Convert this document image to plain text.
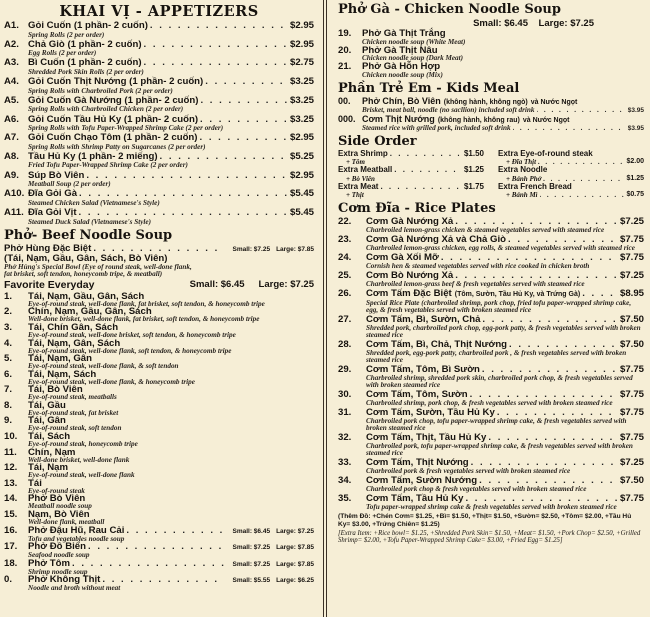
KHAI VỊ - APPETIZERS
A1. Gỏi Cuốn (1 phần- 2 cuốn) . . .	$2.95
Spring Rolls (2 per order)
A2. Chả Giò (1 phần- 2 cuốn) . . .	$2.95
Egg Rolls (2 per order)
A3. Bì Cuốn (1 phần- 2 cuốn) . . .	$2.75
Shredded Pork Skin Rolls (2 per order)
A4. Gỏi Cuốn Thịt Nướng (1 phần- 2 cuốn) . . .	$3.25
Spring Rolls with Charbroiled Pork (2 per order)
A5. Gỏi Cuốn Gà Nướng (1 phần- 2 cuốn) . . .	$3.25
Spring Rolls with Charbroiled Chicken (2 per order)
A6. Gỏi Cuốn Tầu Hủ Ky (1 phần- 2 cuốn) . . .	$3.25
Spring Rolls with Tofu Paper-Wrapped Shrimp Cake (2 per order)
A7. Gỏi Cuốn Chạo Tôm (1 phần- 2 cuốn) . . .	$2.95
Spring Rolls with Shrimp Patty on Sugarcanes (2 per order)
A8. Tầu Hủ Ky (1 phần- 2 miếng) . . .	$5.25
Fried Tofu Paper-Wrapped Shrimp Cake (2 per order)
A9. Súp Bò Viên . . .	$2.95
Meatball Soup (2 per order)
A10. Đĩa Gỏi Gà . . .	$5.45
Steamed Chicken Salad (Vietnamese's Style)
A11. Đĩa Gỏi Vịt . . .	$5.45
Steamed Duck Salad (Vietnamese's Style)
Phở- Beef Noodle Soup
Phở Hùng Đặc Biệt . . .	Small: $7.25 Large: $7.85
(Tái, Nạm, Gầu, Gân, Sách, Bò Viên)
Phở Hùng's Special Bowl (Eye of round steak, well-done flank,
fat brisket, soft tendon, honeycomb tripe, & meatball)
Favorite Everyday	Small: $6.45 Large: $7.25
1.	Tái, Nạm, Gầu, Gân, Sách
Eye-of-round steak, well-done flank, fat brisket, soft tendon, & honeycomb tripe
2.	Chín, Nạm, Gầu, Gân, Sách
Well-done brisket, well-done flank, fat brisket, soft tendon, & honeycomb tripe
3.	Tái, Chín Gân, Sách
Eye-of-round steak, well-done brisket, soft tendon, & honeycomb tripe
4.	Tái, Nạm, Gân, Sách
Eye-of-round steak, well-done flank, soft tendon, & honeycomb tripe
5.	Tái, Nạm, Gân
Eye-of-round steak, well-done flank, & soft tendon
6.	Tái, Nạm, Sách
Eye-of-round steak, well-done flank, & honeycomb tripe
7.	Tái, Bò Viên
Eye-of-round steak, meatballs
8.	Tái, Gầu
Eye-of-round steak, fat brisket
9.	Tái, Gân
Eye-of-round steak, soft tendon
10.	Tái, Sách
Eye-of-round steak, honeycomb tripe
11.	Chín, Nạm
Well-done brisket, well-done flank
12.	Tái, Nạm
Eye-of-round steak, well-done flank
13.	Tái
Eye-of-round steak
14.	Phở Bò Viên
Meatball noodle soup
15.	Nạm, Bò Viên
Well-done flank, meatball
16.	Phở Đậu Hũ, Rau Cải . . .	Small: $6.45 Large: $7.25
Tofu and vegetables noodle soup
17.	Phở Đồ Biển . . .	Small: $7.25 Large: $7.85
Seafood noodle soup
18.	Phở Tôm . . .	Small: $7.25 Large: $7.85
Shrimp noodle soup
0.	Phở Không Thịt . . .	Small: $5.55 Large: $6.25
Noodle and broth without meat
Phở Gà - Chicken Noodle Soup
Small: $6.45 Large: $7.25
19.	Phở Gà Thịt Trắng
Chicken noodle soup (White Meat)
20.	Phở Gà Thịt Nâu
Chicken noodle soup (Dark Meat)
21.	Phở Gà Hỗn Hợp
Chicken noodle soup (Mix)
Phần Trẻ Em - Kids Meal
00.	Phở Chín, Bò Viên (không hành, không ngò) và Nước Ngọt
Brisket, meat ball, noodle (no sacllion) included soft drink . . .	$3.95
000. Cơm Thịt Nướng (không hành, không rau) và Nước Ngọt
Steamed rice with grilled pork, included soft drink . . .	$3.95
Side Order
Extra Shrimp . . .	$1.50
+ Tôm
Extra Meatball . . .	$1.25
+ Bò Viên
Extra Meat . . .	$1.75
+ Thịt
Extra Eye-of-round steak
+ Đĩa Thịt . . .	$2.00
Extra Noodle
+ Bánh Phở . . .	$1.25
Extra French Bread
+ Bánh Mì . . .	$0.75
Cơm Đĩa - Rice Plates
22.	Cơm Gà Nướng Xả . . .	$7.25
Charbroiled lemon-grass chicken & steamed vegetables served with steamed rice
23.	Cơm Gà Nướng Xả và Chả Giò . . .	$7.75
Charbroiled lemon-grass chicken, egg rolls, & steamed vegetables served with steamed rice
24.	Cơm Gà Xối Mỡ . . .	$7.75
Cornish hen & steamed vegetables served with rice cooked in chicken broth
25.	Cơm Bò Nướng Xả . . .	$7.25
Charbroiled lemon-grass beef & fresh vegetables served with steamed rice
26.	Cơm Tấm Đặc Biệt (Tôm, Sườn, Tầu Hủ Ky, và Trứng Gà) . . .	$8.95
Special Rice Plate (charbroiled shrimp, pork chop, fried tofu paper-wrapped shrimp cake, egg, & fresh vegetables served with broken steamed rice
27.	Cơm Tấm, Bì, Sườn, Chả . . .	$7.50
Shredded pork, charbroiled pork chop, egg-pork patty, & fresh vegetables served with broken steamed rice
28.	Cơm Tấm, Bì, Chả, Thịt Nướng . . .	$7.50
Shredded pork, egg-pork patty, charbroiled pork , & fresh vegetables served with broken steamed rice
29.	Cơm Tấm, Tôm, Bì Sườn . . .	$7.75
Charbroiled shrimp, shredded pork skin, charbroiled pork chop, & fresh vegetables served with broken steamed rice
30.	Cơm Tấm, Tôm, Sườn . . .	$7.75
Charbroiled shrimp, pork chop, & fresh vegetables served with broken steamed rice
31.	Cơm Tấm, Sườn, Tầu Hủ Ky . . .	$7.75
Charbroiled pork chop, tofu paper-wrapped shrimp cake, & fresh vegetables served with broken steamed rice
32.	Cơm Tấm, Thịt, Tầu Hủ Ky . . .	$7.75
Charbroiled pork, tofu paper-wrapped shrimp cake, & fresh vegetables served with broken steamed rice
33.	Cơm Tấm, Thịt Nướng . . .	$7.25
Charbroiled pork & fresh vegetables served with broken steamed rice
34.	Cơm Tấm, Sườn Nướng . . .	$7.50
Charbroiled pork chop & fresh vegetables served with broken steamed rice
35.	Cơm Tấm, Tầu Hủ Ky . . .	$7.75
Tofu paper-wrapped shrimp cake & fresh vegetables served with broken steamed rice
(Thêm Đồ: +Chén Cơm= $1.25, +Bì= $1.50, +Thịt= $1.50, +Sườn= $2.50, +Tôm= $2.00, +Tầu Hủ Ky= $3.00, +Trứng Chiên= $1.25)
[Extra Item: +Rice bowl= $1.25, +Shredded Pork Skin= $1.50, +Meat= $1.50, +Pork Chop= $2.50, +Grilled Shrimp= $2.00, +Tofu Paper-Wrapped Shrimp Cake= $3.00, +Fried Egg= $1.25]
